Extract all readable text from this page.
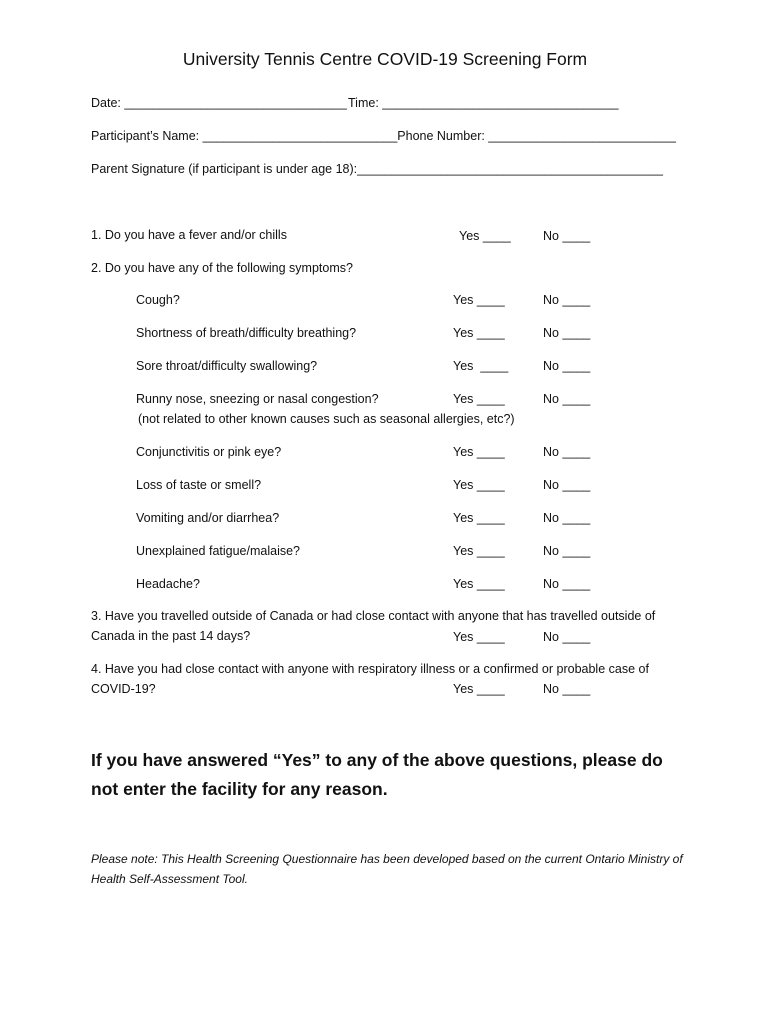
University Tennis Centre COVID-19 Screening Form
Date: ________________________________ Time: __________________________________
Participant’s Name: ____________________________Phone Number: ___________________________
Parent Signature (if participant is under age 18):____________________________________________
1. Do you have a fever and/or chills	Yes ____	No ____
2. Do you have any of the following symptoms?
Cough?	Yes ____	No ____
Shortness of breath/difficulty breathing?	Yes ____	No ____
Sore throat/difficulty swallowing?	Yes  ____	No ____
Runny nose, sneezing or nasal congestion?	Yes ____	No ____
(not related to other known causes such as seasonal allergies, etc?)
Conjunctivitis or pink eye?	Yes ____	No ____
Loss of taste or smell?	Yes ____	No ____
Vomiting and/or diarrhea?	Yes ____	No ____
Unexplained fatigue/malaise?	Yes ____	No ____
Headache?	Yes ____	No ____
3. Have you travelled outside of Canada or had close contact with anyone that has travelled outside of
Canada in the past 14 days?	Yes ____	No ____
4. Have you had close contact with anyone with respiratory illness or a confirmed or probable case of
COVID-19?	Yes ____	No ____
If you have answered “Yes” to any of the above questions, please do not enter the facility for any reason.
Please note: This Health Screening Questionnaire has been developed based on the current Ontario Ministry of Health Self-Assessment Tool.
